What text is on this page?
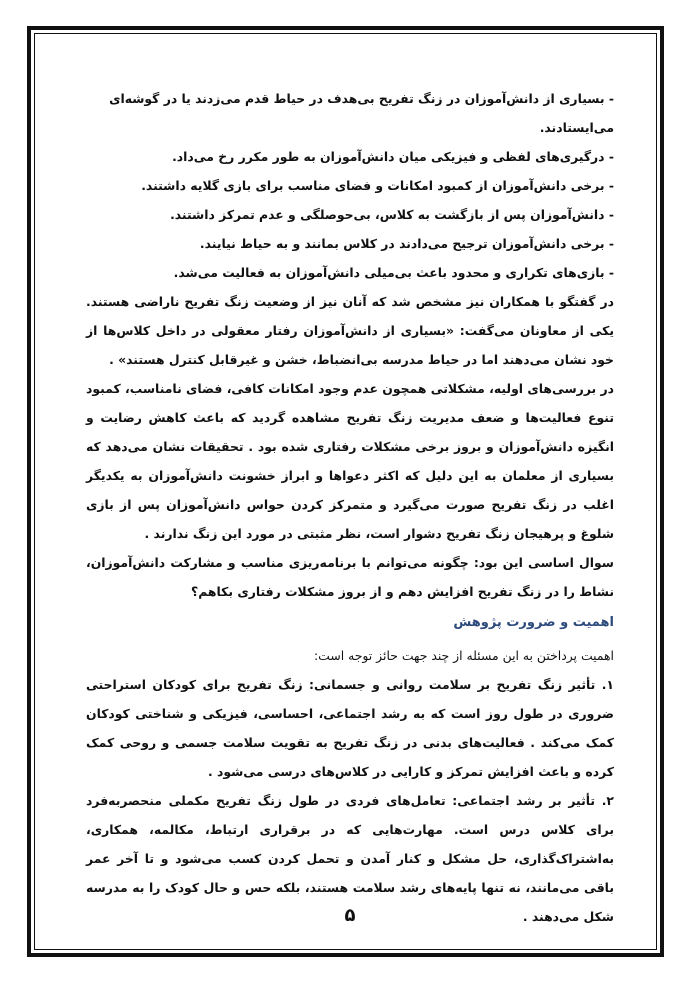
- بسیاری از دانش‌آموزان در زنگ تفریح بی‌هدف در حیاط قدم می‌زدند یا در گوشه‌ای می‌ایستادند.
- درگیری‌های لفظی و فیزیکی میان دانش‌آموزان به طور مکرر رخ می‌داد.
- برخی دانش‌آموزان از کمبود امکانات و فضای مناسب برای بازی گلایه داشتند.
- دانش‌آموزان پس از بازگشت به کلاس، بی‌حوصلگی و عدم تمرکز داشتند.
- برخی دانش‌آموزان ترجیح می‌دادند در کلاس بمانند و به حیاط نیایند.
- بازی‌های تکراری و محدود باعث بی‌میلی دانش‌آموزان به فعالیت می‌شد.

در گفتگو با همکاران نیز مشخص شد که آنان نیز از وضعیت زنگ تفریح ناراضی هستند. یکی از معاونان می‌گفت: «بسیاری از دانش‌آموزان رفتار معقولی در داخل کلاس‌ها از خود نشان می‌دهند اما در حیاط مدرسه بی‌انضباط، خشن و غیرقابل کنترل هستند» .

در بررسی‌های اولیه، مشکلاتی همچون عدم وجود امکانات کافی، فضای نامناسب، کمبود تنوع فعالیت‌ها و ضعف مدیریت زنگ تفریح مشاهده گردید که باعث کاهش رضایت و انگیزه دانش‌آموزان و بروز برخی مشکلات رفتاری شده بود . تحقیقات نشان می‌دهد که بسیاری از معلمان به این دلیل که اکثر دعواها و ابراز خشونت دانش‌آموزان به یکدیگر اغلب در زنگ تفریح صورت می‌گیرد و متمرکز کردن حواس دانش‌آموزان پس از بازی شلوغ و پرهیجان زنگ تفریح دشوار است، نظر مثبتی در مورد این زنگ ندارند .

سوال اساسی این بود: چگونه می‌توانم با برنامه‌ریزی مناسب و مشارکت دانش‌آموزان، نشاط را در زنگ تفریح افزایش دهم و از بروز مشکلات رفتاری بکاهم؟

اهمیت و ضرورت پژوهش

اهمیت پرداختن به این مسئله از چند جهت حائز توجه است:

۱. تأثیر زنگ تفریح بر سلامت روانی و جسمانی: زنگ تفریح برای کودکان استراحتی ضروری در طول روز است که به رشد اجتماعی، احساسی، فیزیکی و شناختی کودکان کمک می‌کند . فعالیت‌های بدنی در زنگ تفریح به تقویت سلامت جسمی و روحی کمک کرده و باعث افزایش تمرکز و کارایی در کلاس‌های درسی می‌شود .

۲. تأثیر بر رشد اجتماعی: تعامل‌های فردی در طول زنگ تفریح مکملی منحصربه‌فرد برای کلاس درس است. مهارت‌هایی که در برقراری ارتباط، مکالمه، همکاری، به‌اشتراک‌گذاری، حل مشکل و کنار آمدن و تحمل کردن کسب می‌شود و تا آخر عمر باقی می‌مانند، نه تنها پایه‌های رشد سلامت هستند، بلکه حس و حال کودک را به مدرسه شکل می‌دهند .

۵
